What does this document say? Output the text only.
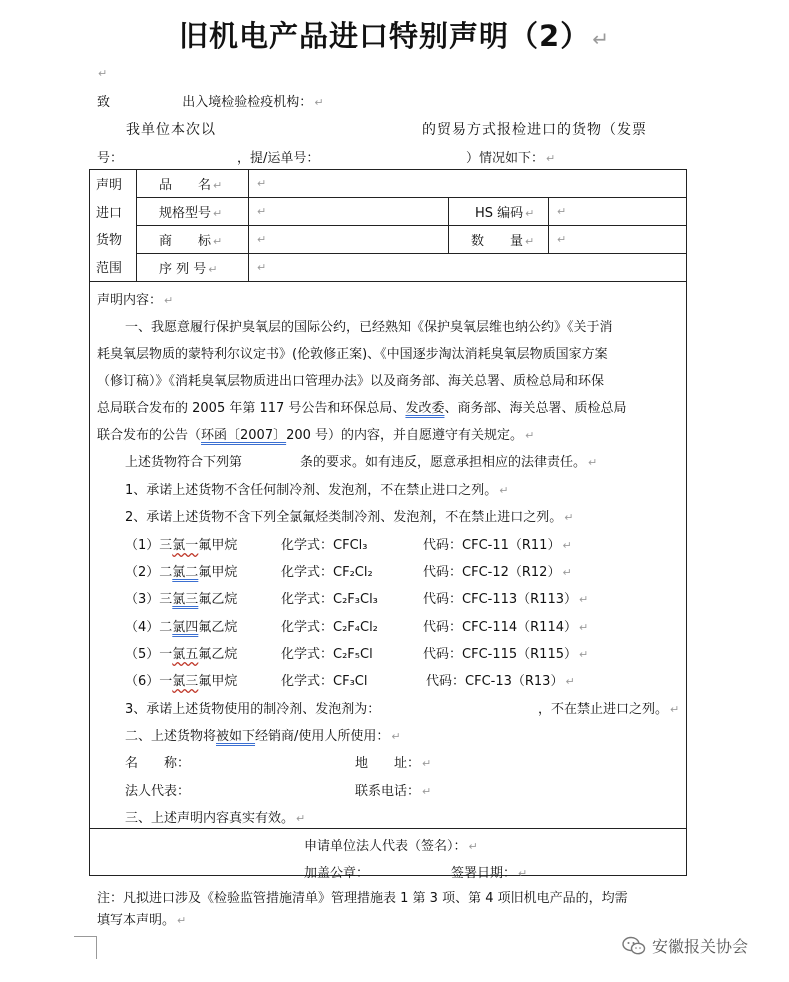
旧机电产品进口特别声明（2） ↵
↵
致	出入境检验检疫机构： ↵
我单位本次以	的贸易方式报检进口的货物（发票
号：	，提/运单号：	）情况如下： ↵
声明
进口
货物
范围	品　　名 ↵	↵		
	规格型号 ↵	↵	HS 编码 ↵	↵
	商　　标 ↵	↵	数　　量 ↵	↵
	序 列 号 ↵	↵		
声明内容： ↵
一、我愿意履行保护臭氧层的国际公约，已经熟知《保护臭氧层维也纳公约》《关于消
耗臭氧层物质的蒙特利尔议定书》(伦敦修正案)、《中国逐步淘汰消耗臭氧层物质国家方案
（修订稿）》《消耗臭氧层物质进出口管理办法》以及商务部、海关总署、质检总局和环保
总局联合发布的 2005 年第 117 号公告和环保总局、发改委、商务部、海关总署、质检总局
联合发布的公告（环函〔2007〕200 号）的内容，并自愿遵守有关规定。 ↵
上述货物符合下列第	条的要求。如有违反，愿意承担相应的法律责任。 ↵
1、承诺上述货物不含任何制冷剂、发泡剂，不在禁止进口之列。 ↵
2、承诺上述货物不含下列全氯氟烃类制冷剂、发泡剂，不在禁止进口之列。 ↵
（1）三氯一氟甲烷	化学式：CFCl₃	代码：CFC-11（R11） ↵
（2）二氯二氟甲烷	化学式：CF₂Cl₂	代码：CFC-12（R12） ↵
（3）三氯三氟乙烷	化学式：C₂F₃Cl₃	代码：CFC-113（R113） ↵
（4）二氯四氟乙烷	化学式：C₂F₄Cl₂	代码：CFC-114（R114） ↵
（5）一氯五氟乙烷	化学式：C₂F₅Cl	代码：CFC-115（R115） ↵
（6）一氯三氟甲烷	化学式：CF₃Cl	代码：CFC-13（R13） ↵
3、承诺上述货物使用的制冷剂、发泡剂为：	，不在禁止进口之列。 ↵
二、上述货物将被如下经销商/使用人所使用： ↵
名　　称：	地　　址： ↵
法人代表：	联系电话： ↵
三、上述声明内容真实有效。 ↵
申请单位法人代表（签名）： ↵
加盖公章：	签署日期： ↵
注：凡拟进口涉及《检验监管措施清单》管理措施表 1 第 3 项、第 4 项旧机电产品的，均需
填写本声明。 ↵
安徽报关协会
